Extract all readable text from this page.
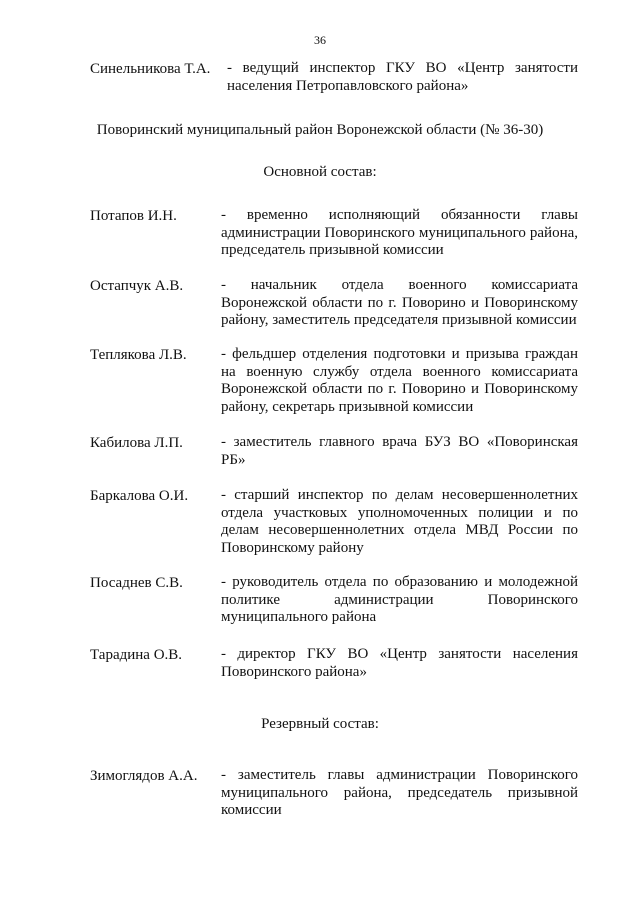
36
Синельникова Т.А.	- ведущий инспектор ГКУ ВО «Центр занятости населения Петропавловского района»
Поворинский муниципальный район Воронежской области (№ 36-30)
Основной состав:
Потапов И.Н.	- временно исполняющий обязанности главы администрации Поворинского муниципального района, председатель призывной комиссии
Остапчук А.В.	- начальник отдела военного комиссариата Воронежской области по г. Поворино и Поворинскому району, заместитель председателя призывной комиссии
Теплякова Л.В.	- фельдшер отделения подготовки и призыва граждан на военную службу отдела военного комиссариата Воронежской области по г. Поворино и Поворинскому району, секретарь призывной комиссии
Кабилова Л.П.	- заместитель главного врача БУЗ ВО «Поворинская РБ»
Баркалова О.И.	- старший инспектор по делам несовершеннолетних отдела участковых уполномоченных полиции и по делам несовершеннолетних отдела МВД России по Поворинскому району
Посаднев С.В.	- руководитель отдела по образованию и молодежной политике администрации Поворинского муниципального района
Тарадина О.В.	- директор ГКУ ВО «Центр занятости населения Поворинского района»
Резервный состав:
Зимоглядов А.А.	- заместитель главы администрации Поворинского муниципального района, председатель призывной комиссии
